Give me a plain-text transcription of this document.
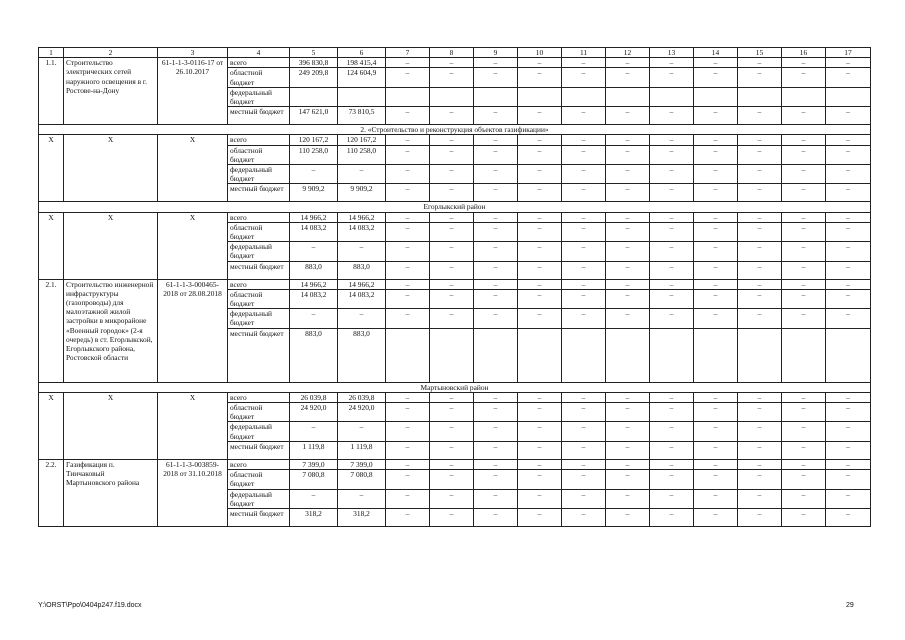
1	2	3	4	5	6	7	8	9	10	11	12	13	14	15	16	17
1.1.	Строительство электрических сетей наружного освещения в г. Ростове-на-Дону	61-1-1-3-0116-17 от 26.10.2017	всего	396 830,8	198 415,4	–	–	–	–	–	–	–	–	–	–	–
			областной бюджет	249 209,8	124 604,9	–	–	–	–	–	–	–	–	–	–	–
			федеральный бюджет													
			местный бюджет	147 621,0	73 810,5	–	–	–	–	–	–	–	–	–	–	–
2. «Строительство и реконструкция объектов газификации»																
Х	Х	Х	всего	120 167,2	120 167,2	–	–	–	–	–	–	–	–	–	–	–
			областной бюджет	110 258,0	110 258,0	–	–	–	–	–	–	–	–	–	–	–
			федеральный бюджет	–	–	–	–	–	–	–	–	–	–	–	–	–
			местный бюджет	9 909,2	9 909,2	–	–	–	–	–	–	–	–	–	–	–
Егорлыкский район																
Х	Х	Х	всего	14 966,2	14 966,2	–	–	–	–	–	–	–	–	–	–	–
			областной бюджет	14 083,2	14 083,2	–	–	–	–	–	–	–	–	–	–	–
			федеральный бюджет	–	–	–	–	–	–	–	–	–	–	–	–	–
			местный бюджет	883,0	883,0	–	–	–	–	–	–	–	–	–	–	–
2.1.	Строительство инженерной инфраструктуры (газопроводы) для малоэтажной жилой застройки в микрорайоне «Военный городок» (2-я очередь) в ст. Егорлыкской, Егорлыкского района, Ростовской области	61-1-1-3-000465-2018 от 28.08.2018	всего	14 966,2	14 966,2	–	–	–	–	–	–	–	–	–	–	–
			областной бюджет	14 083,2	14 083,2	–	–	–	–	–	–	–	–	–	–	–
			федеральный бюджет	–	–	–	–	–	–	–	–	–	–	–	–	–
			местный бюджет	883,0	883,0											
Мартыновский район																
Х	Х	Х	всего	26 039,8	26 039,8	–	–	–	–	–	–	–	–	–	–	–
			областной бюджет	24 920,0	24 920,0	–	–	–	–	–	–	–	–	–	–	–
			федеральный бюджет	–	–	–	–	–	–	–	–	–	–	–	–	–
			местный бюджет	1 119,8	1 119,8	–	–	–	–	–	–	–	–	–	–	–
2.2.	Газификация п. Тиичаковый Мартыновского района	61-1-1-3-003859-2018 от 31.10.2018	всего	7 399,0	7 399,0	–	–	–	–	–	–	–	–	–	–	–
			областной бюджет	7 080,8	7 080,8	–	–	–	–	–	–	–	–	–	–	–
			федеральный бюджет	–	–	–	–	–	–	–	–	–	–	–	–	–
			местный бюджет	318,2	318,2	–	–	–	–	–	–	–	–	–	–	–
Y:\ORST\Ppo\0404p247.f19.docx	29
